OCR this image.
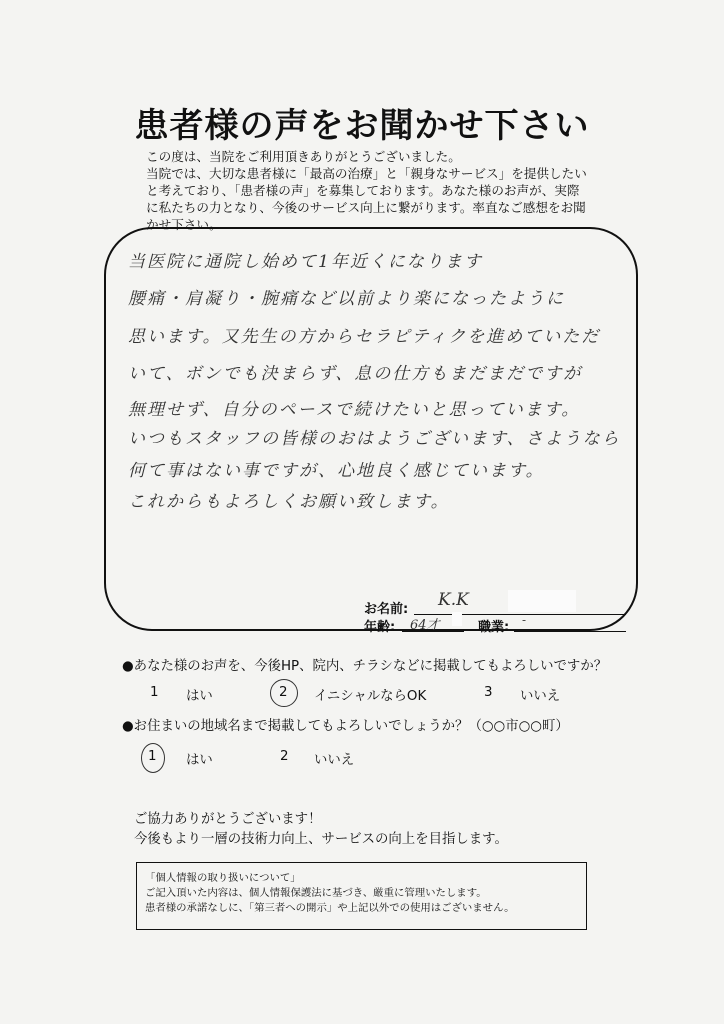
患者様の声をお聞かせ下さい
この度は、当院をご利用頂きありがとうございました。
当院では、大切な患者様に「最高の治療」と「親身なサービス」を提供したい
と考えており、「患者様の声」を募集しております。あなた様のお声が、実際
に私たちの力となり、今後のサービス向上に繋がります。率直なご感想をお聞
かせ下さい。
当医院に通院し始めて1年近くになります
腰痛・肩凝り・腕痛など以前より楽になったように
思います。又先生の方からセラピティクを進めていただ
いて、ボンでも決まらず、息の仕方もまだまだですが
無理せず、自分のペースで続けたいと思っています。
いつもスタッフの皆様のおはようございます、さようなら
何て事はない事ですが、心地良く感じています。
これからもよろしくお願い致します。
お名前: K.K
年齢: 64才	職業: -
●あなた様のお声を、今後HP、院内、チラシなどに掲載してもよろしいですか？
1 はい	2 イニシャルならOK	3 いいえ
●お住まいの地域名まで掲載してもよろしいでしょうか？（○○市○○町）
1 はい	2 いいえ
ご協力ありがとうございます！
今後もより一層の技術力向上、サービスの向上を目指します。
「個人情報の取り扱いについて」
ご記入頂いた内容は、個人情報保護法に基づき、厳重に管理いたします。
患者様の承諾なしに、「第三者への開示」や上記以外での使用はございません。
